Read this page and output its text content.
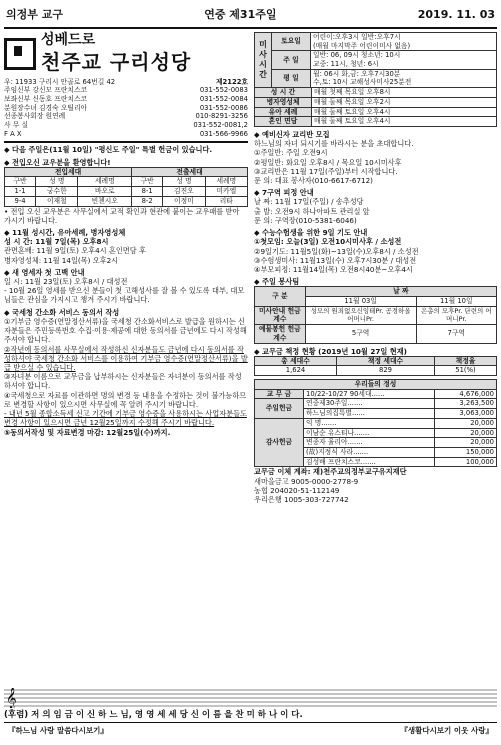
의정부 교구	연중 제31주일	2019. 11. 03
성베드로
천주교 구리성당
우: 11933 구리시 안골로 64번길 42	제2122호
주임신부 강신모 프란치스코	031-552-0083
보좌신부 신동호 프란치스코	031-552-0084
분원장수녀 김경숙 오틸리아	031-552-0086
선종봉사회장 원연례	010-8291-3256
사 무 실	031-552-0081,2
F A X	031-566-9966

◆ 다음 주일은(11월 10일) "평신도 주일" 특별 헌금이 있습니다.

◆ 전입오신 교우분을 환영합니다!

전입세대			전출세대		
구반	성 명	세례명	구반	성 명	세례명
1-1	궁수한	바오로	8-1	김진오	미카엘
9-4	이재철	빈첸시오	8-2	이정미	리타

• 전입 오신 교우분은 사무실에서 교적 확인과 현관에 붙이는 교우패를 받아 가시기 바랍니다.

◆ 11월 성시간, 유아세례, 병자영성체

성 시 간: 11월 7일(목) 오후8시

관면혼배: 11월 9일(토) 오후4시 혼인면담 후

병자영성체: 11월 14일(목) 오후2시

◆ 새 영세자 첫 고백 안내

일 시: 11월 23일(토) 오후8시 / 대성전

- 10월 26일 영세를 받으신 분들이 첫 고해성사를 잘 볼 수 있도록 대부, 대모님들은 관심을 가지시고 챙겨 주시기 바랍니다.

◆ 국세청 간소화 서비스 동의서 작성

①기부금 영수증(연말정산서류)을 국세청 간소화서비스로 발급을 원하시는 신자분들은 주민등록번호 수집·이용·제공에 대한 동의서를 금년에도 다시 작성해 주셔야 합니다.

②작년에 동의서를 사무실에서 작성하신 신자분들도 금년에 다시 동의서를 작성하셔야 국세청 간소화 서비스를 이용하여 기부금 영수증(연말정산서류)을 발급 받으실 수 있습니다.

③자녀분 이름으로 교무금을 납부하시는 신자분들은 자녀분이 동의서를 작성하셔야 합니다.

④국세청으로 자료를 이관하면 명의 변경 등 내용을 수정하는 것이 불가능하므로 변경할 사항이 있으시면 사무실에 꼭 알려 주시기 바랍니다.

- 내년 5월 종합소득세 신고 기간에 기부금 영수증을 사용하시는 사업자분들도 변경 사항이 있으시면 금년 12월25일까지 수정해 주시기 바랍니다.

⑤동의서작성 및 자료변경 마감: 12월25일(수)까지.

미사시간	토요일	어린이:오후3시 일반:오후7시
(매월 마지막주 어린이미사 없음)
	주 일	일반: 06, 09시 청소년: 10시
교중: 11시, 청년: 6시
	평 일	월: 06시 화,금: 오후7시30분
수,토: 10시 교해성사미사25분전
성 시 간	매월 첫째 목요일 오후8시
병자영성체	매월 둘째 목요일 오후2시
유아 세례	매월 둘째 토요일 오후4시
혼인 면담	매월 둘째 토요일 오후4시

◆ 예비신자 교리반 모집

하느님의 자녀 되시기를 바라시는 분을 초대합니다.

①주일반: 주일 오전9시

②평일반: 화요일 오후8시 / 목요일 10시미사후

③교리반은 11월 17일(주일)부터 시작합니다.

문 의: 대표 봉사자(010-6617-6712)

◆ 7구역 피정 안내

날 짜: 11월 17일(주일) / 송추성당

출 발: 오전9시 하나아파트 관리실 앞

문 의: 구역장(010-5381-6046)

◆ 수능수험생을 위한 9일 기도 안내

①첫모임: 오늘(3일) 오전10시미사후 / 소성전

②9일기도: 11월5일(화)~13일(수)오후8시 / 소성전

③수험생미사: 11월13일(수) 오후7시30분 / 대성전

④부모피정: 11월14일(목) 오전8시40분~오후4시

◆ 주일 봉사팀

구 분	날 짜	
	11월 03일	11월 10일
미사안내 헌금계수	성모의 원죄없으신잉태Pr. 공경하올 어머니Pr.	은총의 모후Pr. 단련의 어머니Pr.
예물봉헌 헌금계수	5구역	7구역

◆ 교무금 책정 현황 (2019년 10월 27일 현재)

총 세대수	책정 세대수	책정율
1,624	829	51(%)
우리들의 정성		
교 무 금	10/22-10/27 90세대......	4,676,000
주일헌금	연중제30주일.......	3,263,500
	하느님의집특별......	3,063,000
감사헌금	익 명.......	20,000
	이남순 유스티나.......	20,000
	변종자 율리아.......	20,000
	(故)지정식 사라.......	150,000
	김성배 프란치스코.......	100,000

교무금 이체 계좌: 재)천주교의정부교구유지재단

새마을금고 9005-0000-2778-9

농협 204020-51-112149

우리은행 1005-303-727742

𝄞
(후렴) 저 의 임 금 이 신 하 느 님, 영 영 세 세 당 신 이 름 을 찬 미 하 나 이 다.
『하느님 사랑 말씀다시보기』	『생활다시보기 이웃 사랑』
